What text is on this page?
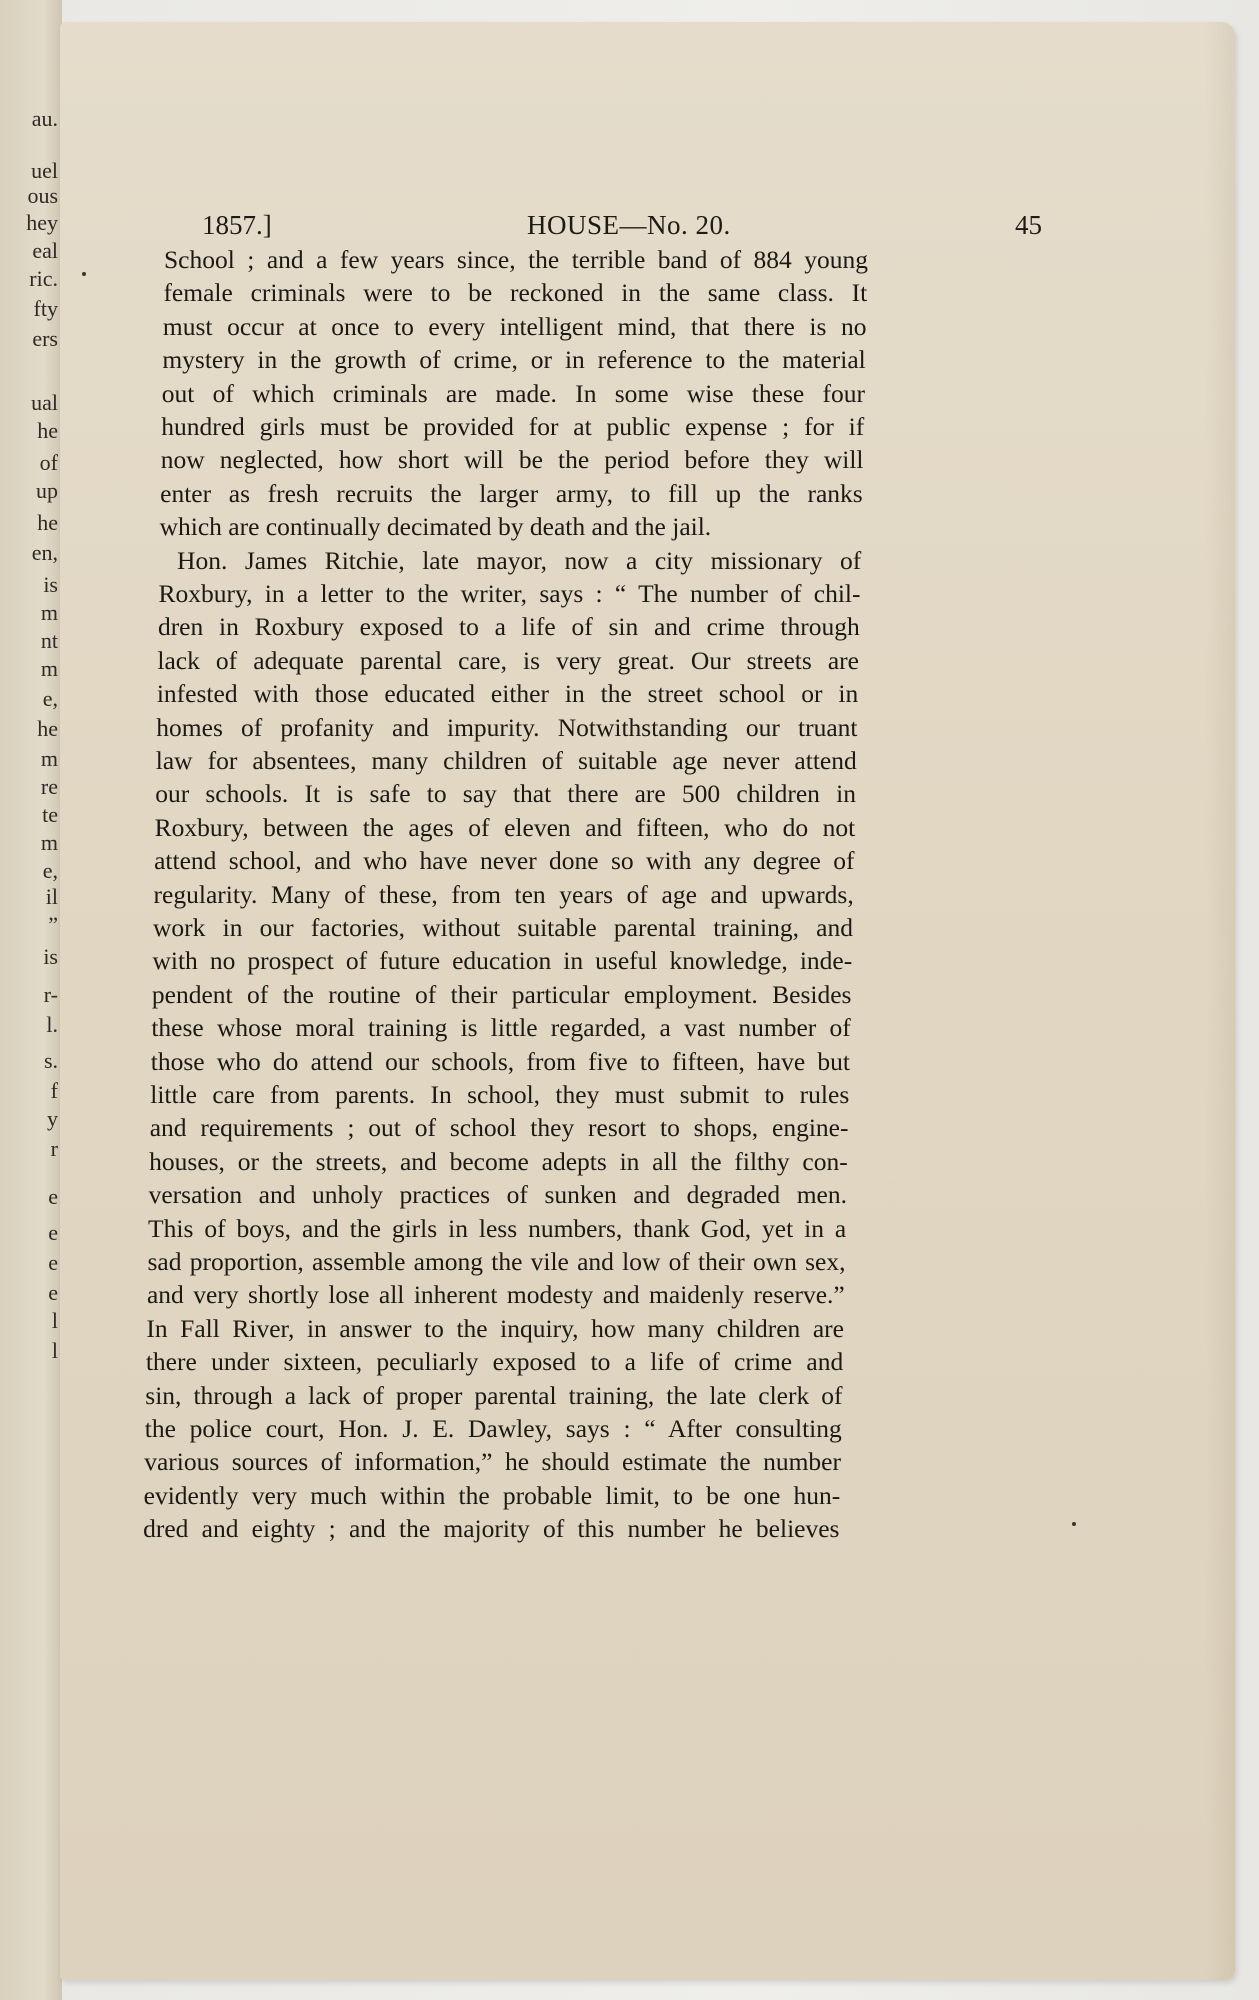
au.
uel
ous
hey
eal
ric.
fty
ers
ual
he
of
up
he
en,
is
m
nt
m
e,
he
m
re
te
m
e,
il
”
is
r-
l.
s.
f
y
r
e
e
e
e
l
l
1857.]	HOUSE—No. 20.	45
School ; and a few years since, the terrible band of 884 young
female criminals were to be reckoned in the same class. It
must occur at once to every intelligent mind, that there is no
mystery in the growth of crime, or in reference to the material
out of which criminals are made. In some wise these four
hundred girls must be provided for at public expense ; for if
now neglected, how short will be the period before they will
enter as fresh recruits the larger army, to fill up the ranks
which are continually decimated by death and the jail.
Hon. James Ritchie, late mayor, now a city missionary of
Roxbury, in a letter to the writer, says : “ The number of chil-
dren in Roxbury exposed to a life of sin and crime through
lack of adequate parental care, is very great. Our streets are
infested with those educated either in the street school or in
homes of profanity and impurity. Notwithstanding our truant
law for absentees, many children of suitable age never attend
our schools. It is safe to say that there are 500 children in
Roxbury, between the ages of eleven and fifteen, who do not
attend school, and who have never done so with any degree of
regularity. Many of these, from ten years of age and upwards,
work in our factories, without suitable parental training, and
with no prospect of future education in useful knowledge, inde-
pendent of the routine of their particular employment. Besides
these whose moral training is little regarded, a vast number of
those who do attend our schools, from five to fifteen, have but
little care from parents. In school, they must submit to rules
and requirements ; out of school they resort to shops, engine-
houses, or the streets, and become adepts in all the filthy con-
versation and unholy practices of sunken and degraded men.
This of boys, and the girls in less numbers, thank God, yet in a
sad proportion, assemble among the vile and low of their own sex,
and very shortly lose all inherent modesty and maidenly reserve.”
In Fall River, in answer to the inquiry, how many children are
there under sixteen, peculiarly exposed to a life of crime and
sin, through a lack of proper parental training, the late clerk of
the police court, Hon. J. E. Dawley, says : “ After consulting
various sources of information,” he should estimate the number
evidently very much within the probable limit, to be one hun-
dred and eighty ; and the majority of this number he believes
